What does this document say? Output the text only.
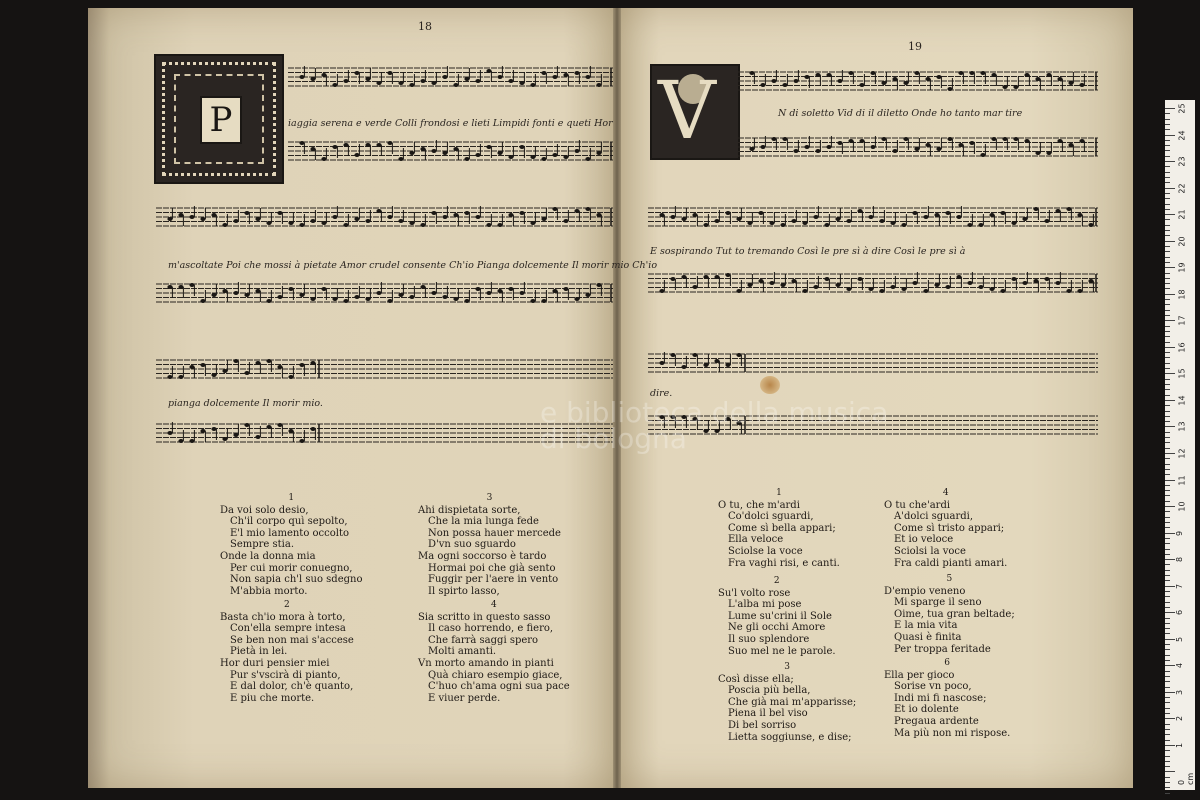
18
P	iaggia serena e verde Colli frondosi e lieti Limpidi fonti e queti Hor
m'ascoltate Poi che mossi à pietate Amor crudel consente Ch'io Pianga dolcemente Il morir mio Ch'io
pianga dolcemente Il morir mio.
1
Da voi solo desio,
Ch'il corpo quì sepolto,
E'l mio lamento occolto
Sempre stia.
Onde la donna mia
Per cui morir conuegno,
Non sapia ch'l suo sdegno
M'abbia morto.
2
Basta ch'io mora à torto,
Con'ella sempre intesa
Se ben non mai s'accese
Pietà in lei.
Hor duri pensier miei
Pur s'vscirà di pianto,
E dal dolor, ch'è quanto,
E piu che morte.
3
Ahi dispietata sorte,
Che la mia lunga fede
Non possa hauer mercede
D'vn suo sguardo
Ma ogni soccorso è tardo
Hormai poi che già sento
Fuggir per l'aere in vento
Il spirto lasso,
4
Sia scritto in questo sasso
Il caso horrendo, e fiero,
Che farrà saggi spero
Molti amanti.
Vn morto amando in pianti
Quà chiaro esempio giace,
C'huo ch'ama ogni sua pace
E viuer perde.
19
V	N di soletto Vid di il diletto Onde ho tanto mar tire
E sospirando Tut to tremando Così le pre sì à dire Così le pre sì à
dire.
1
O tu, che m'ardi
Co'dolci sguardi,
Come sì bella appari;
Ella veloce
Sciolse la voce
Fra vaghi risi, e canti.
2
Su'l volto rose
L'alba mi pose
Lume su'crini il Sole
Ne gli occhi Amore
Il suo splendore
Suo mel ne le parole.
3
Così disse ella;
Poscia più bella,
Che già mai m'apparisse;
Piena il bel viso
Di bel sorriso
Lietta soggiunse, e dise;
4
O tu che'ardi
A'dolci sguardi,
Come sì tristo appari;
Et io veloce
Sciolsi la voce
Fra caldi pianti amari.
5
D'empio veneno
Mi sparge il seno
Oime, tua gran beltade;
E la mia vita
Quasi è finita
Per troppa feritade
6
Ella per gioco
Sorise vn poco,
Indi mi fi nascose;
Et io dolente
Pregaua ardente
Ma più non mi rispose.
e biblioteca della musica
di bologna
25
24
23
22
21
20
19
18
17
16
15
14
13
12
11
10
9
8
7
6
5
4
3
2
1
0 cm
